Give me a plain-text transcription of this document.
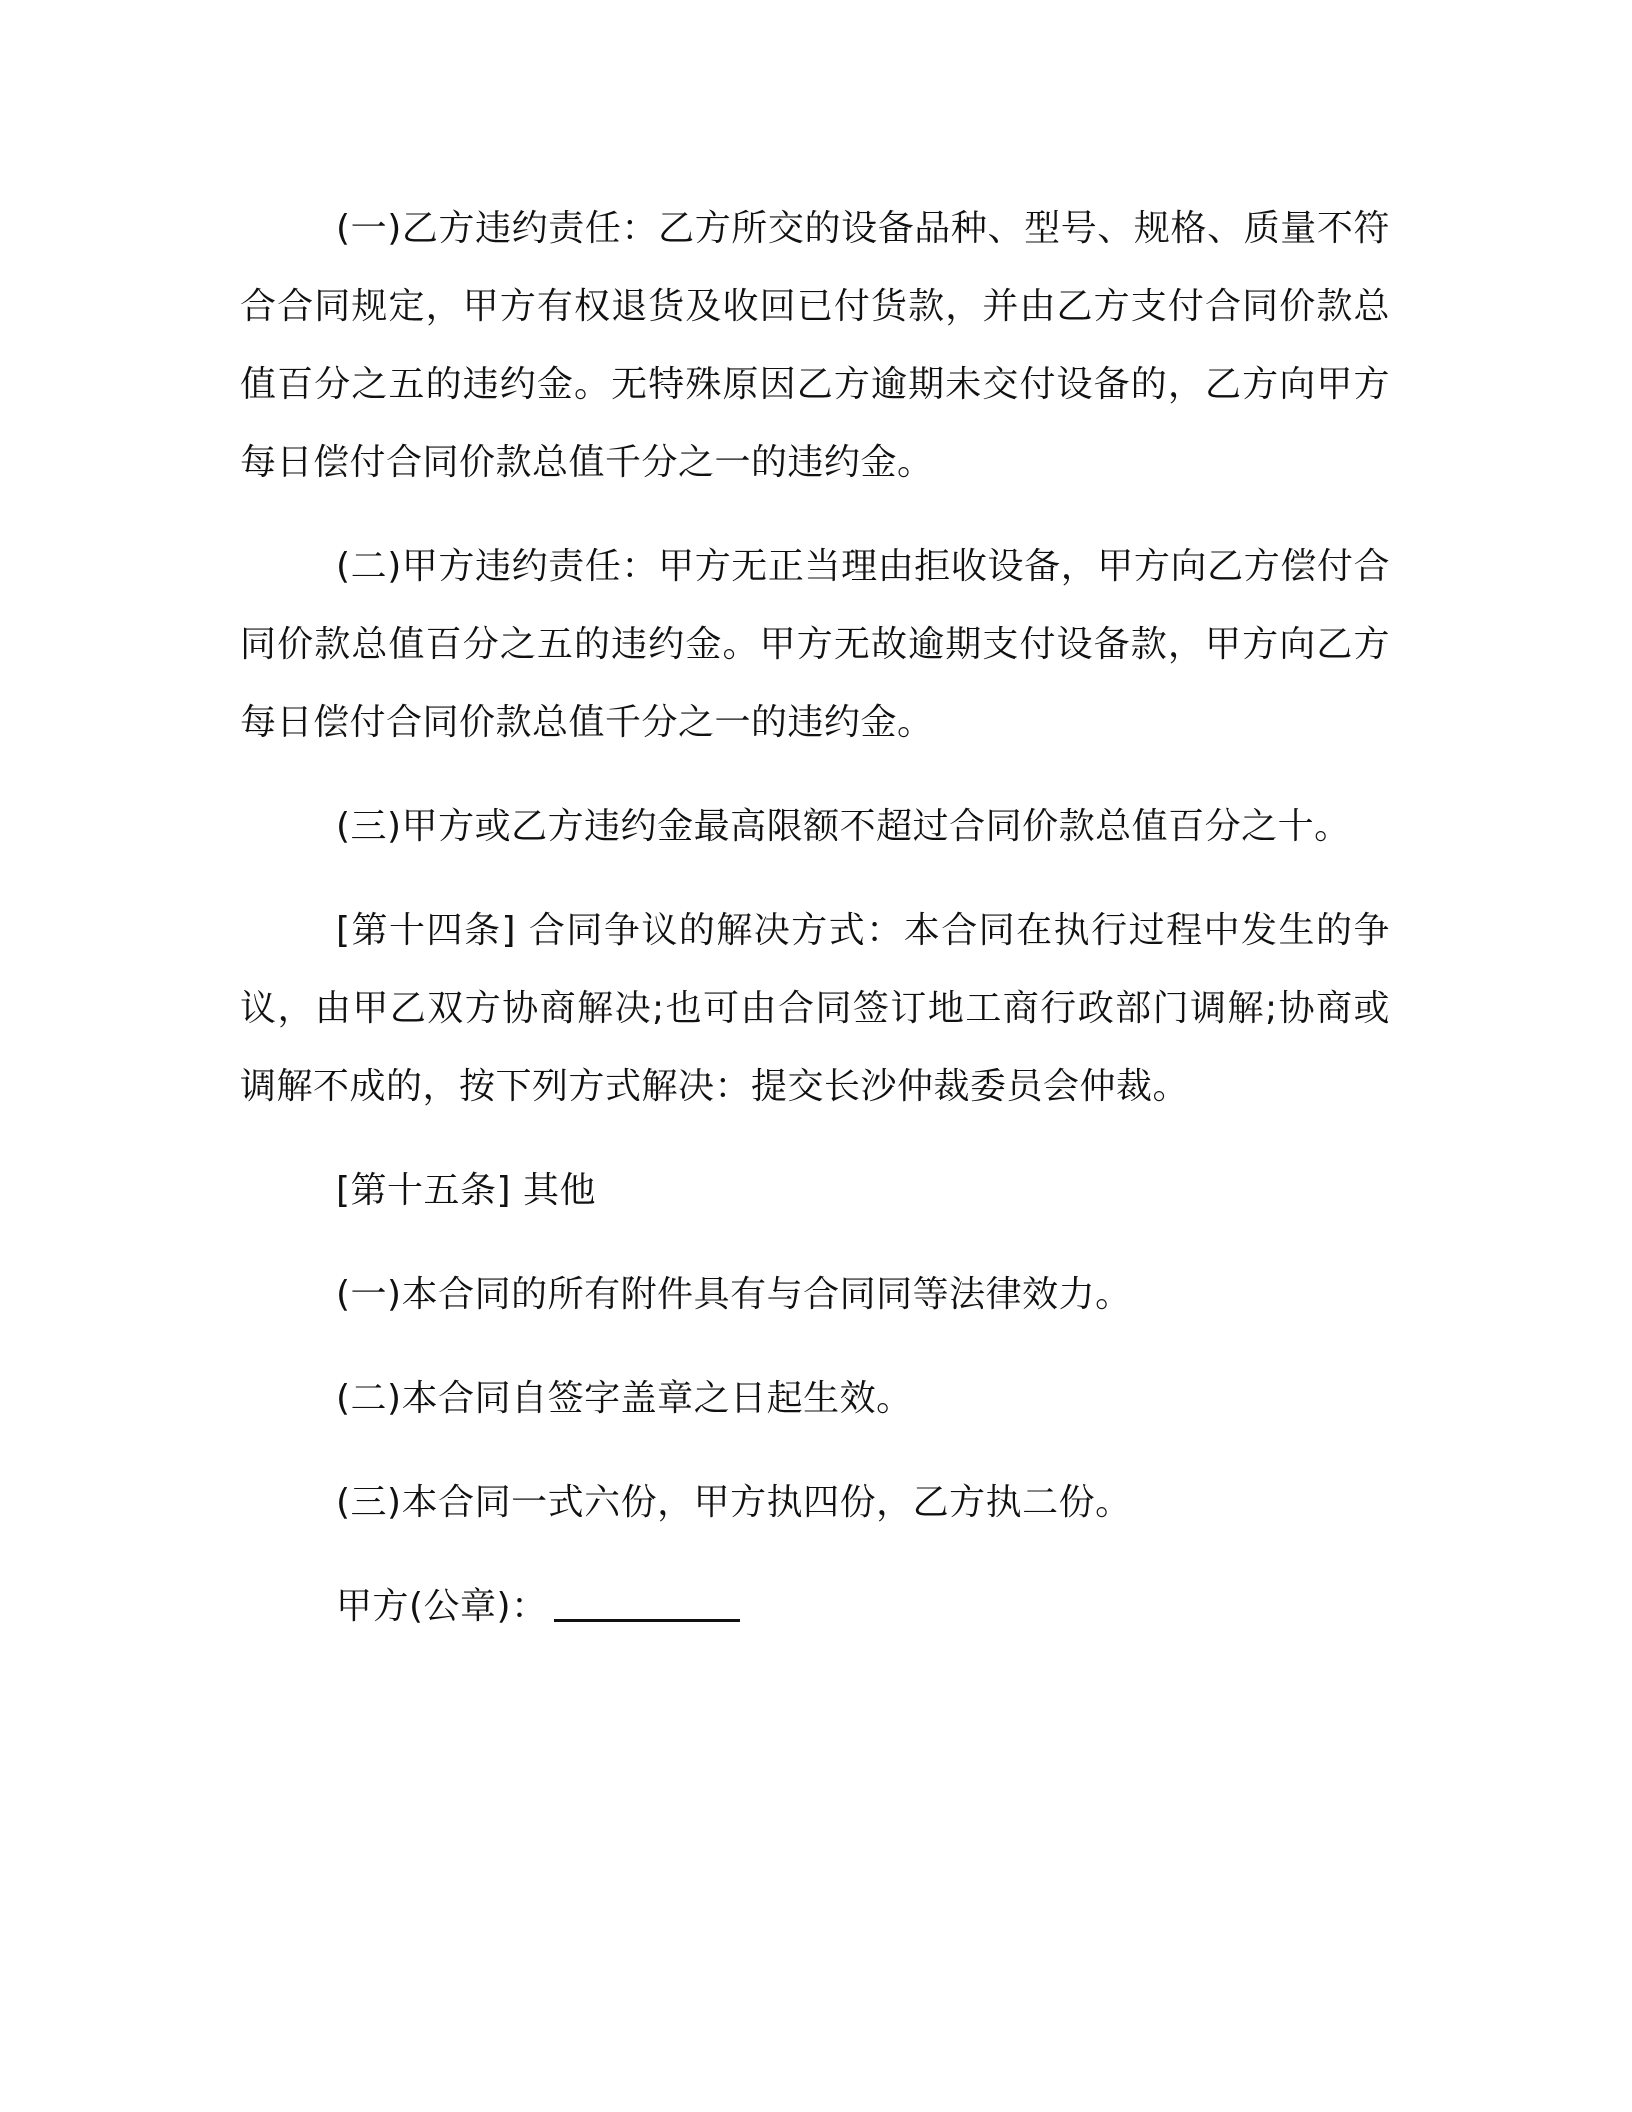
(一)乙方违约责任：乙方所交的设备品种、型号、规格、质量不符合合同规定，甲方有权退货及收回已付货款，并由乙方支付合同价款总值百分之五的违约金。无特殊原因乙方逾期未交付设备的，乙方向甲方每日偿付合同价款总值千分之一的违约金。

(二)甲方违约责任：甲方无正当理由拒收设备，甲方向乙方偿付合同价款总值百分之五的违约金。甲方无故逾期支付设备款，甲方向乙方每日偿付合同价款总值千分之一的违约金。

(三)甲方或乙方违约金最高限额不超过合同价款总值百分之十。

[第十四条] 合同争议的解决方式：本合同在执行过程中发生的争议，由甲乙双方协商解决;也可由合同签订地工商行政部门调解;协商或调解不成的，按下列方式解决：提交长沙仲裁委员会仲裁。

[第十五条] 其他

(一)本合同的所有附件具有与合同同等法律效力。

(二)本合同自签字盖章之日起生效。

(三)本合同一式六份，甲方执四份，乙方执二份。

甲方(公章)：
